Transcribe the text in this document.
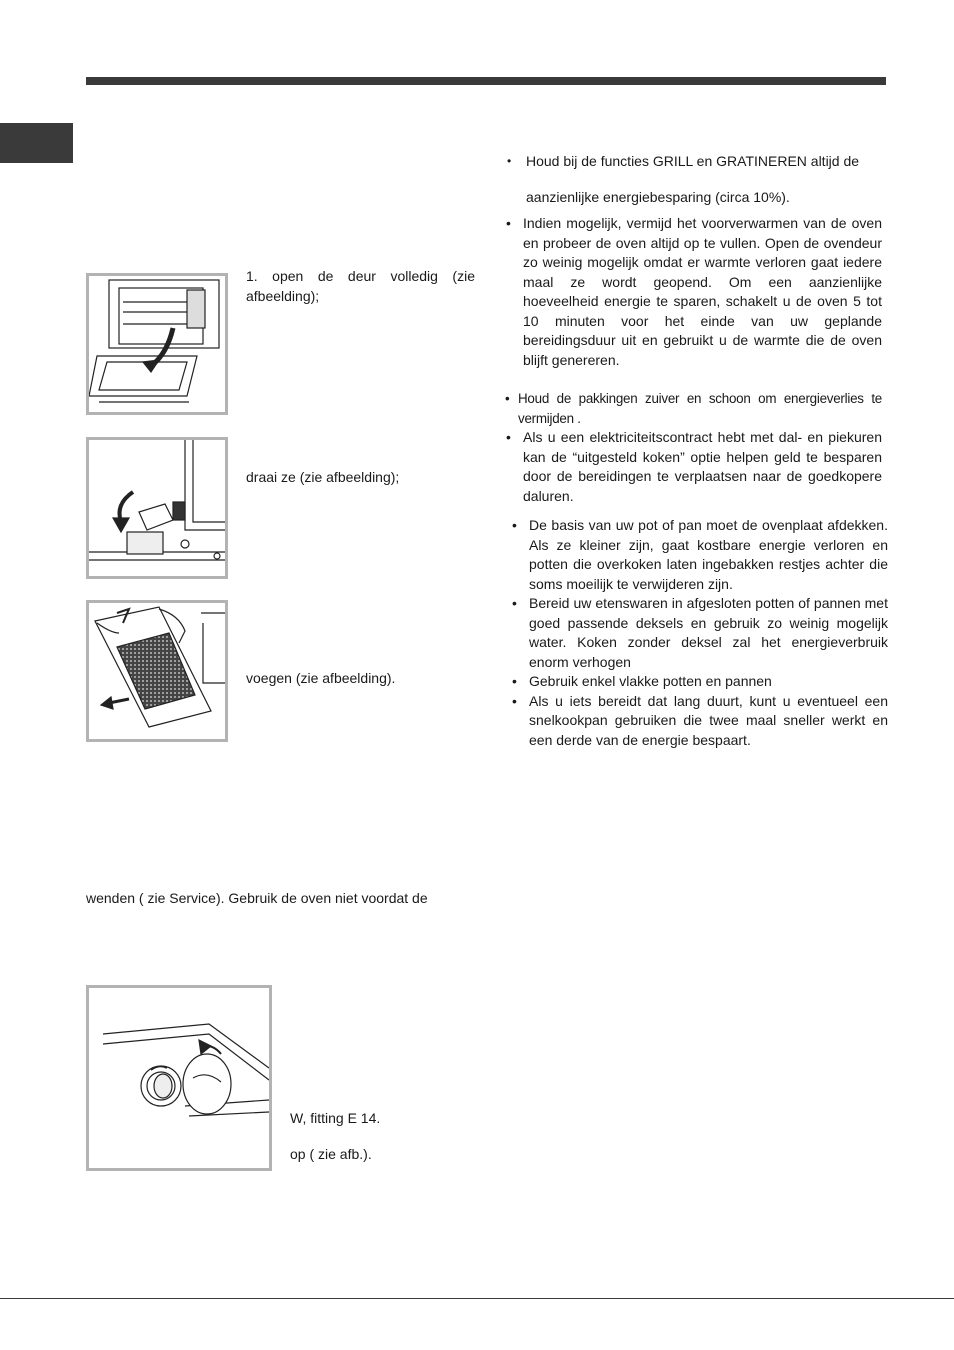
1. open de deur volledig (zie afbeelding);
draai ze (zie afbeelding);
voegen (zie afbeelding).
wenden ( zie Service). Gebruik de oven niet voordat de
W, fitting E 14.
op ( zie afb.).
• Houd bij de functies GRILL en GRATINEREN altijd de
aanzienlijke energiebesparing (circa 10%).
• Indien mogelijk, vermijd het voorverwarmen van de oven en probeer de oven altijd op te vullen. Open de ovendeur zo weinig mogelijk omdat er warmte verloren gaat iedere maal ze wordt geopend. Om een aanzienlijke hoeveelheid energie te sparen, schakelt u de oven 5 tot 10 minuten voor het einde van uw geplande bereidingsduur uit en gebruikt u de warmte die de oven blijft genereren.
• Houd de pakkingen zuiver en schoon om energieverlies te vermijden .
• Als u een elektriciteitscontract hebt met dal- en piekuren kan de “uitgesteld koken” optie helpen geld te besparen door de bereidingen te verplaatsen naar de goedkopere daluren.
• De basis van uw pot of pan moet de ovenplaat afdekken. Als ze kleiner zijn, gaat kostbare energie verloren en potten die overkoken laten ingebakken restjes achter die soms moeilijk te verwijderen zijn.
• Bereid uw etenswaren in afgesloten potten of pannen met goed passende deksels en gebruik zo weinig mogelijk water. Koken zonder deksel zal het energieverbruik enorm verhogen
• Gebruik enkel vlakke potten en pannen
• Als u iets bereidt dat lang duurt, kunt u eventueel een snelkookpan gebruiken die twee maal sneller werkt en een derde van de energie bespaart.
